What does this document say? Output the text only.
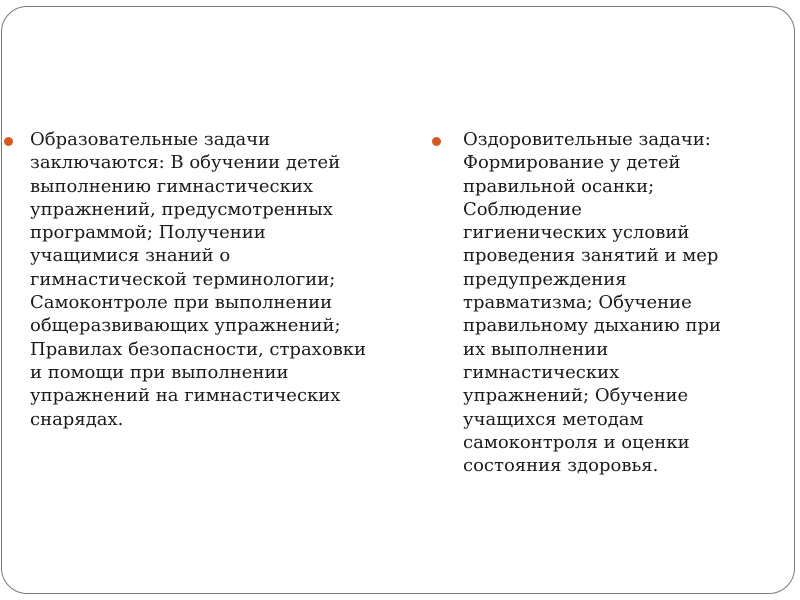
Образовательные задачи
заключаются: В обучении детей
выполнению гимнастических
упражнений, предусмотренных
программой; Получении
учащимися знаний о
гимнастической терминологии;
Самоконтроле при выполнении
общеразвивающих упражнений;
Правилах безопасности, страховки
и помощи при выполнении
упражнений на гимнастических
снарядах.

Оздоровительные задачи:
Формирование у детей
правильной осанки;
Соблюдение
гигиенических условий
проведения занятий и мер
предупреждения
травматизма; Обучение
правильному дыханию при
их выполнении
гимнастических
упражнений; Обучение
учащихся методам
самоконтроля и оценки
состояния здоровья.
